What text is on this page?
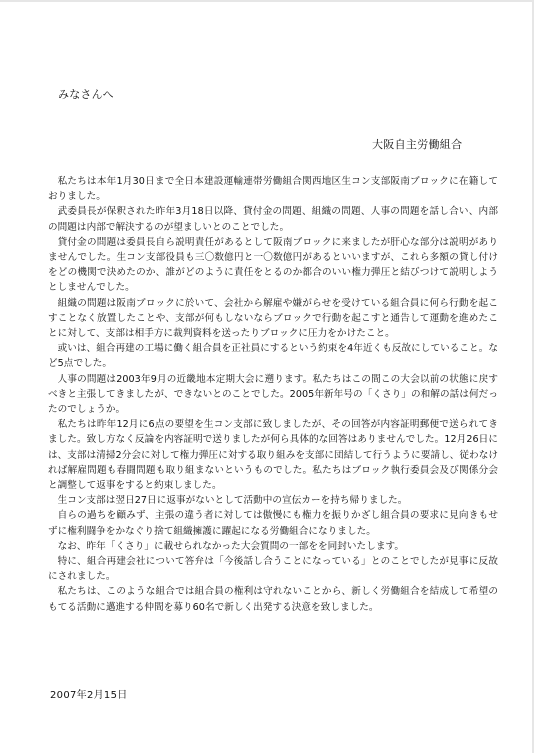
みなさんへ
大阪自主労働組合

私たちは本年1月30日まで全日本建設運輸連帯労働組合関西地区生コン支部阪南ブロックに在籍しておりました。

武委員長が保釈された昨年3月18日以降、貸付金の問題、組織の問題、人事の問題を話し合い、内部の問題は内部で解決するのが望ましいとのことでした。

貸付金の問題は委員長自ら説明責任があるとして阪南ブロックに来ましたが肝心な部分は説明がありませんでした。生コン支部役員も三〇数億円と一〇数億円があるといいますが、これら多額の貸し付けをどの機関で決めたのか、誰がどのように責任をとるのか都合のいい権力弾圧と結びつけて説明しようとしませんでした。

組織の問題は阪南ブロックに於いて、会社から解雇や嫌がらせを受けている組合員に何ら行動を起こすことなく放置したことや、支部が何もしないならブロックで行動を起こすと通告して運動を進めたことに対して、支部は相手方に裁判資料を送ったりブロックに圧力をかけたこと。

或いは、組合再建の工場に働く組合員を正社員にするという約束を4年近くも反故にしていること。など5点でした。

人事の問題は2003年9月の近畿地本定期大会に遡ります。私たちはこの間この大会以前の状態に戻すべきと主張してきましたが、できないとのことでした。2005年新年号の「くさり」の和解の話は何だったのでしょうか。

私たちは昨年12月に6点の要望を生コン支部に致しましたが、その回答が内容証明郵便で送られてきました。致し方なく反論を内容証明で送りましたが何ら具体的な回答はありませんでした。12月26日には、支部は清掃2分会に対して権力弾圧に対する取り組みを支部に団結して行うように要請し、従わなければ解雇問題も春闘問題も取り組まないというものでした。私たちはブロック執行委員会及び関係分会と調整して返事をすると約束しました。

生コン支部は翌日27日に返事がないとして活動中の宣伝カーを持ち帰りました。

自らの過ちを顧みず、主張の違う者に対しては傲慢にも権力を振りかざし組合員の要求に見向きもせずに権利闘争をかなぐり捨て組織擁護に躍起になる労働組合になりました。

なお、昨年「くさり」に載せられなかった大会質問の一部をを同封いたします。

特に、組合再建会社について答弁は「今後話し合うことになっている」とのことでしたが見事に反故にされました。

私たちは、このような組合では組合員の権利は守れないことから、新しく労働組合を結成して希望のもてる活動に邁進する仲間を募り60名で新しく出発する決意を致しました。

2007年2月15日
